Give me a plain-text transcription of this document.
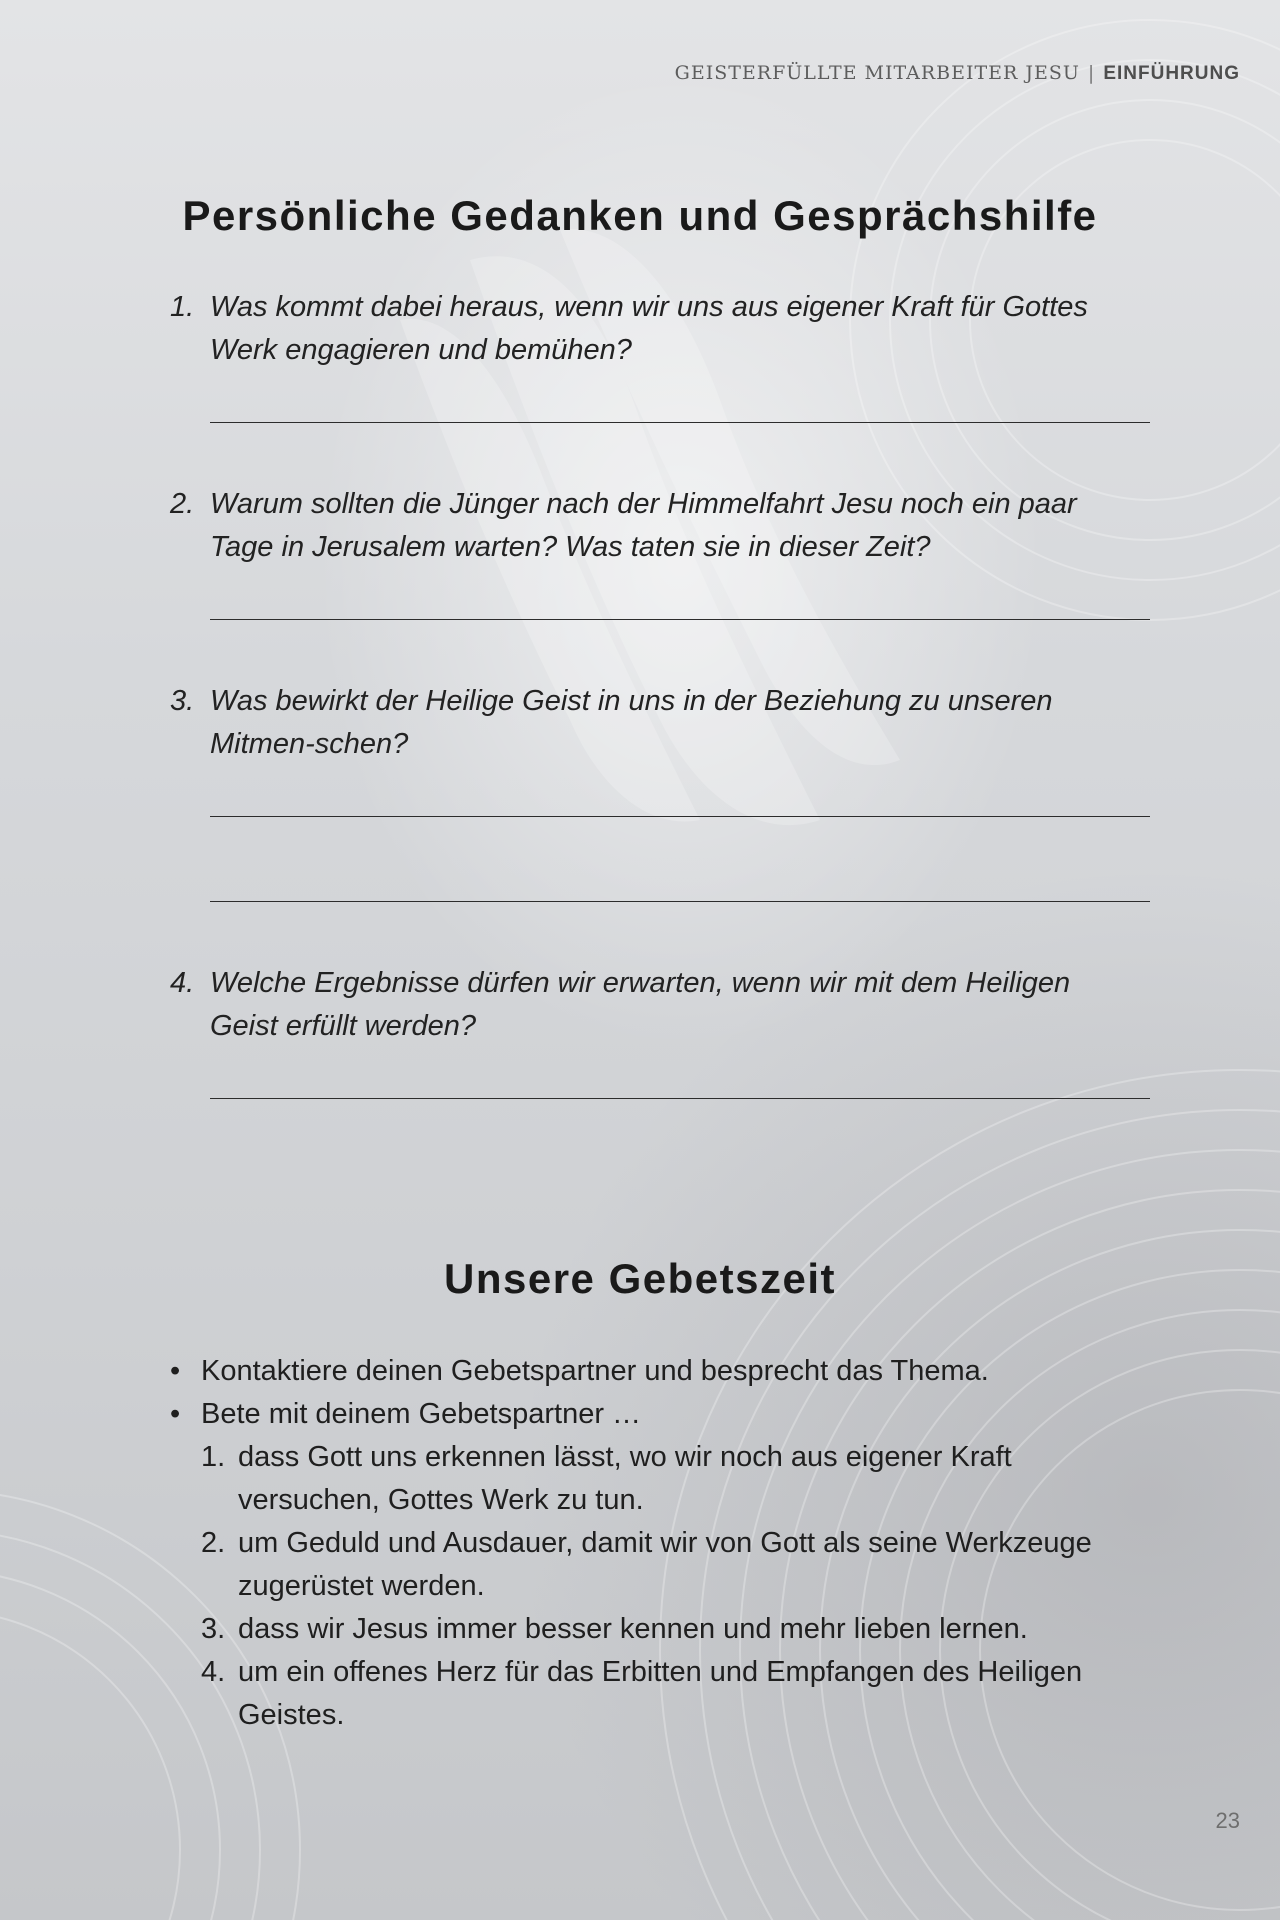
GEISTERFÜLLTE MITARBEITER JESU | EINFÜHRUNG
Persönliche Gedanken und Gesprächshilfe
1. Was kommt dabei heraus, wenn wir uns aus eigener Kraft für Gottes Werk engagieren und bemühen?
2. Warum sollten die Jünger nach der Himmelfahrt Jesu noch ein paar Tage in Jerusalem warten? Was taten sie in dieser Zeit?
3. Was bewirkt der Heilige Geist in uns in der Beziehung zu unseren Mitmen-schen?
4. Welche Ergebnisse dürfen wir erwarten, wenn wir mit dem Heiligen Geist erfüllt werden?
Unsere Gebetszeit
• Kontaktiere deinen Gebetspartner und besprecht das Thema.
• Bete mit deinem Gebetspartner …
1. dass Gott uns erkennen lässt, wo wir noch aus eigener Kraft versuchen, Gottes Werk zu tun.
2. um Geduld und Ausdauer, damit wir von Gott als seine Werkzeuge zugerüstet werden.
3. dass wir Jesus immer besser kennen und mehr lieben lernen.
4. um ein offenes Herz für das Erbitten und Empfangen des Heiligen Geistes.
23
